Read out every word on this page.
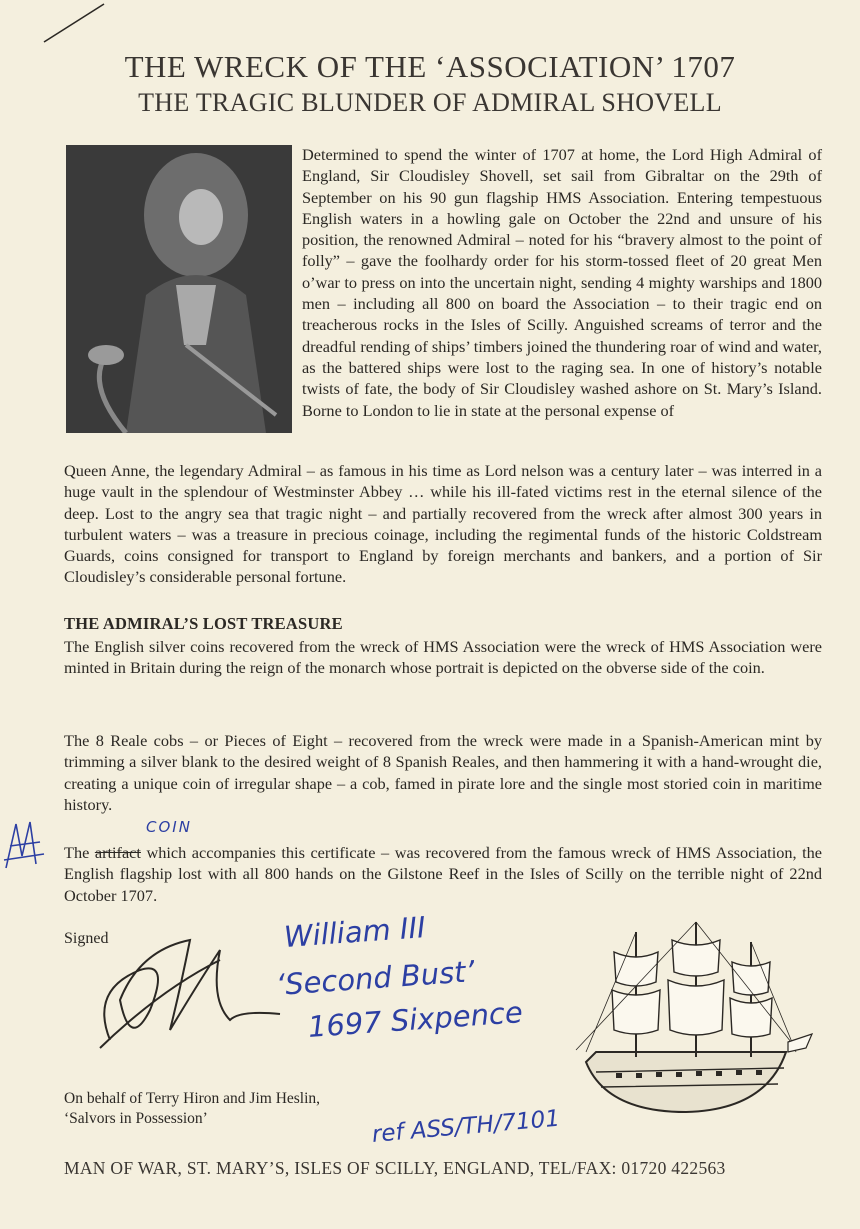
THE WRECK OF THE ‘ASSOCIATION’ 1707
THE TRAGIC BLUNDER OF ADMIRAL SHOVELL
Determined to spend the winter of 1707 at home, the Lord High Admiral of England, Sir Cloudisley Shovell, set sail from Gibraltar on the 29th of September on his 90 gun flagship HMS Association. Entering tempestuous English waters in a howling gale on October the 22nd and unsure of his position, the renowned Admiral – noted for his “bravery almost to the point of folly” – gave the foolhardy order for his storm-tossed fleet of 20 great Men o’war to press on into the uncertain night, sending 4 mighty warships and 1800 men – including all 800 on board the Association – to their tragic end on treacherous rocks in the Isles of Scilly. Anguished screams of terror and the dreadful rending of ships’ timbers joined the thundering roar of wind and water, as the battered ships were lost to the raging sea. In one of history’s notable twists of fate, the body of Sir Cloudisley washed ashore on St. Mary’s Island. Borne to London to lie in state at the personal expense of
Queen Anne, the legendary Admiral – as famous in his time as Lord nelson was a century later – was interred in a huge vault in the splendour of Westminster Abbey … while his ill-fated victims rest in the eternal silence of the deep. Lost to the angry sea that tragic night – and partially recovered from the wreck after almost 300 years in turbulent waters – was a treasure in precious coinage, including the regimental funds of the historic Coldstream Guards, coins consigned for transport to England by foreign merchants and bankers, and a portion of Sir Cloudisley’s considerable personal fortune.
THE ADMIRAL’S LOST TREASURE
The English silver coins recovered from the wreck of HMS Association were the wreck of HMS Association were minted in Britain during the reign of the monarch whose portrait is depicted on the obverse side of the coin.
The 8 Reale cobs – or Pieces of Eight – recovered from the wreck were made in a Spanish-American mint by trimming a silver blank to the desired weight of 8 Spanish Reales, and then hammering it with a hand-wrought die, creating a unique coin of irregular shape – a cob, famed in pirate lore and the single most storied coin in maritime history.
The artifact which accompanies this certificate – was recovered from the famous wreck of HMS Association, the English flagship lost with all 800 hands on the Gilstone Reef in the Isles of Scilly on the terrible night of 22nd October 1707.
COIN
Signed	William III
‘Second Bust’
1697 Sixpence
On behalf of Terry Hiron and Jim Heslin,
‘Salvors in Possession’	ref ASS/TH/7101
MAN OF WAR, ST. MARY’S, ISLES OF SCILLY, ENGLAND, TEL/FAX: 01720 422563
